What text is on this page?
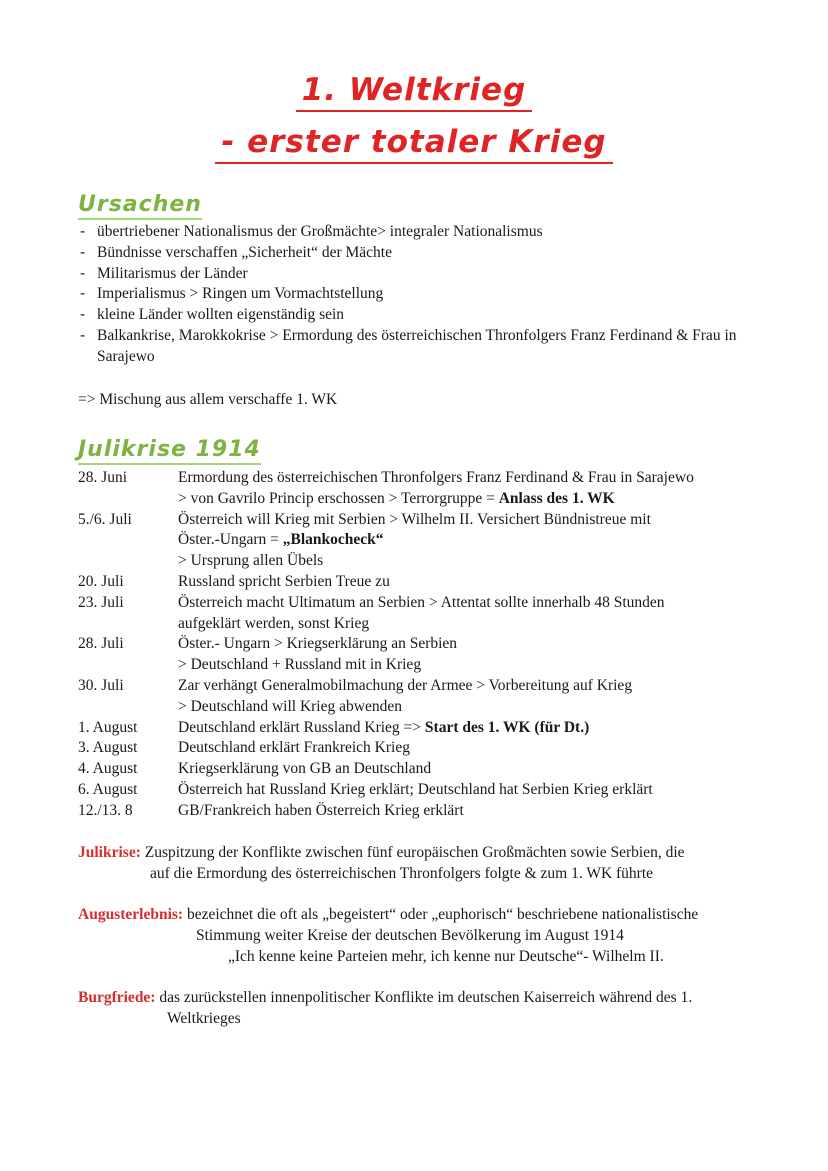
1. Weltkrieg
- erster totaler Krieg
Ursachen
- übertriebener Nationalismus der Großmächte> integraler Nationalismus
- Bündnisse verschaffen „Sicherheit“ der Mächte
- Militarismus der Länder
- Imperialismus > Ringen um Vormachtstellung
- kleine Länder wollten eigenständig sein
- Balkankrise, Marokkokrise > Ermordung des österreichischen Thronfolgers Franz Ferdinand & Frau in Sarajewo
=> Mischung aus allem verschaffe 1. WK
Julikrise 1914
28. Juni	Ermordung des österreichischen Thronfolgers Franz Ferdinand & Frau in Sarajewo
> von Gavrilo Princip erschossen > Terrorgruppe = Anlass des 1. WK
5./6. Juli	Österreich will Krieg mit Serbien > Wilhelm II. Versichert Bündnistreue mit
Öster.-Ungarn = „Blankocheck“
> Ursprung allen Übels
20. Juli	Russland spricht Serbien Treue zu
23. Juli	Österreich macht Ultimatum an Serbien > Attentat sollte innerhalb 48 Stunden
aufgeklärt werden, sonst Krieg
28. Juli	Öster.- Ungarn > Kriegserklärung an Serbien
> Deutschland + Russland mit in Krieg
30. Juli	Zar verhängt Generalmobilmachung der Armee > Vorbereitung auf Krieg
> Deutschland will Krieg abwenden
1. August	Deutschland erklärt Russland Krieg => Start des 1. WK (für Dt.)
3. August	Deutschland erklärt Frankreich Krieg
4. August	Kriegserklärung von GB an Deutschland
6. August	Österreich hat Russland Krieg erklärt; Deutschland hat Serbien Krieg erklärt
12./13. 8	GB/Frankreich haben Österreich Krieg erklärt
Julikrise: Zuspitzung der Konflikte zwischen fünf europäischen Großmächten sowie Serbien, die
auf die Ermordung des österreichischen Thronfolgers folgte & zum 1. WK führte
Augusterlebnis: bezeichnet die oft als „begeistert“ oder „euphorisch“ beschriebene nationalistische
Stimmung weiter Kreise der deutschen Bevölkerung im August 1914
„Ich kenne keine Parteien mehr, ich kenne nur Deutsche“- Wilhelm II.
Burgfriede: das zurückstellen innenpolitischer Konflikte im deutschen Kaiserreich während des 1.
Weltkrieges
